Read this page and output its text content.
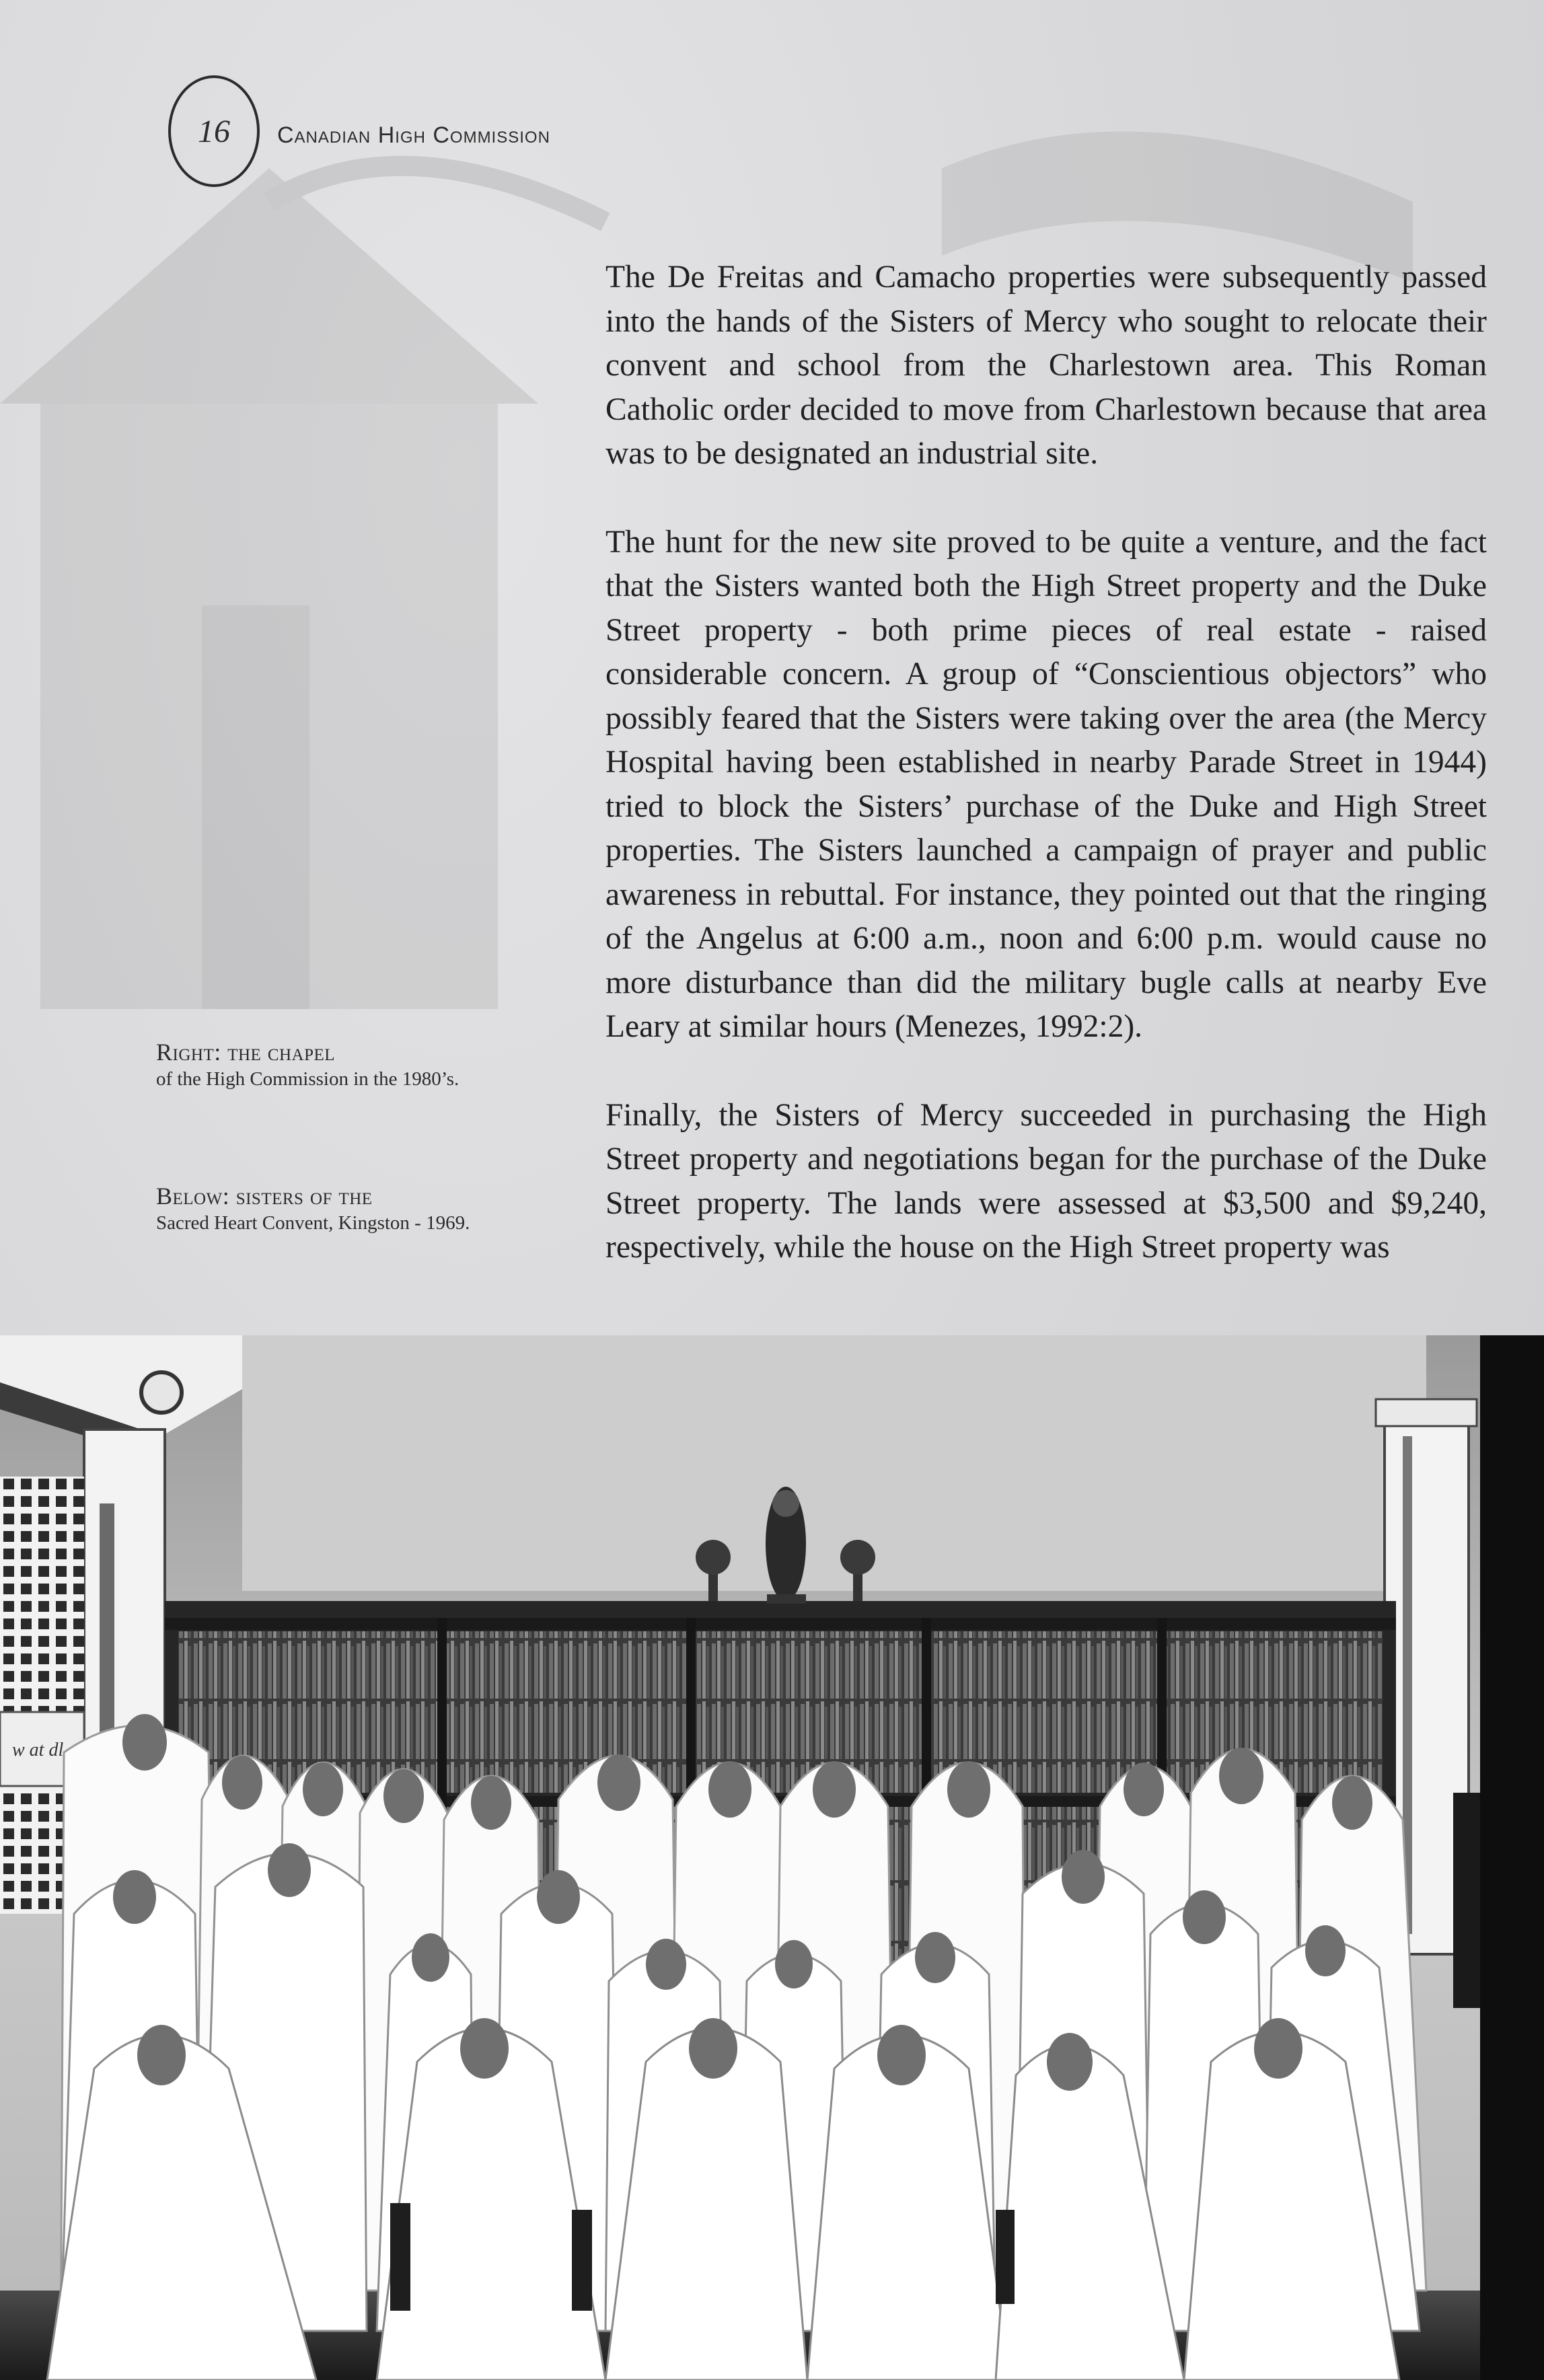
16	Canadian High Commission

The De Freitas and Camacho properties were subsequently passed into the hands of the Sisters of Mercy who sought to relocate their convent and school from the Charlestown area. This Roman Catholic order decided to move from Charlestown because that area was to be designated an industrial site.

The hunt for the new site proved to be quite a venture, and the fact that the Sisters wanted both the High Street property and the Duke Street property - both prime pieces of real estate - raised considerable concern. A group of “Conscientious objectors” who possibly feared that the Sisters were taking over the area (the Mercy Hospital having been established in nearby Parade Street in 1944) tried to block the Sisters’ purchase of the Duke and High Street properties. The Sisters launched a campaign of prayer and public awareness in rebuttal. For instance, they pointed out that the ringing of the Angelus at 6:00 a.m., noon and 6:00 p.m. would cause no more disturbance than did the military bugle calls at nearby Eve Leary at similar hours (Menezes, 1992:2).

Finally, the Sisters of Mercy succeeded in purchasing the High Street property and negotiations began for the purchase of the Duke Street property. The lands were assessed at $3,500 and $9,240, respectively, while the house on the High Street property was

Right: the chapel
of the High Commission in the 1980’s.
Below: sisters of the
Sacred Heart Convent, Kingston - 1969.
w at dl
